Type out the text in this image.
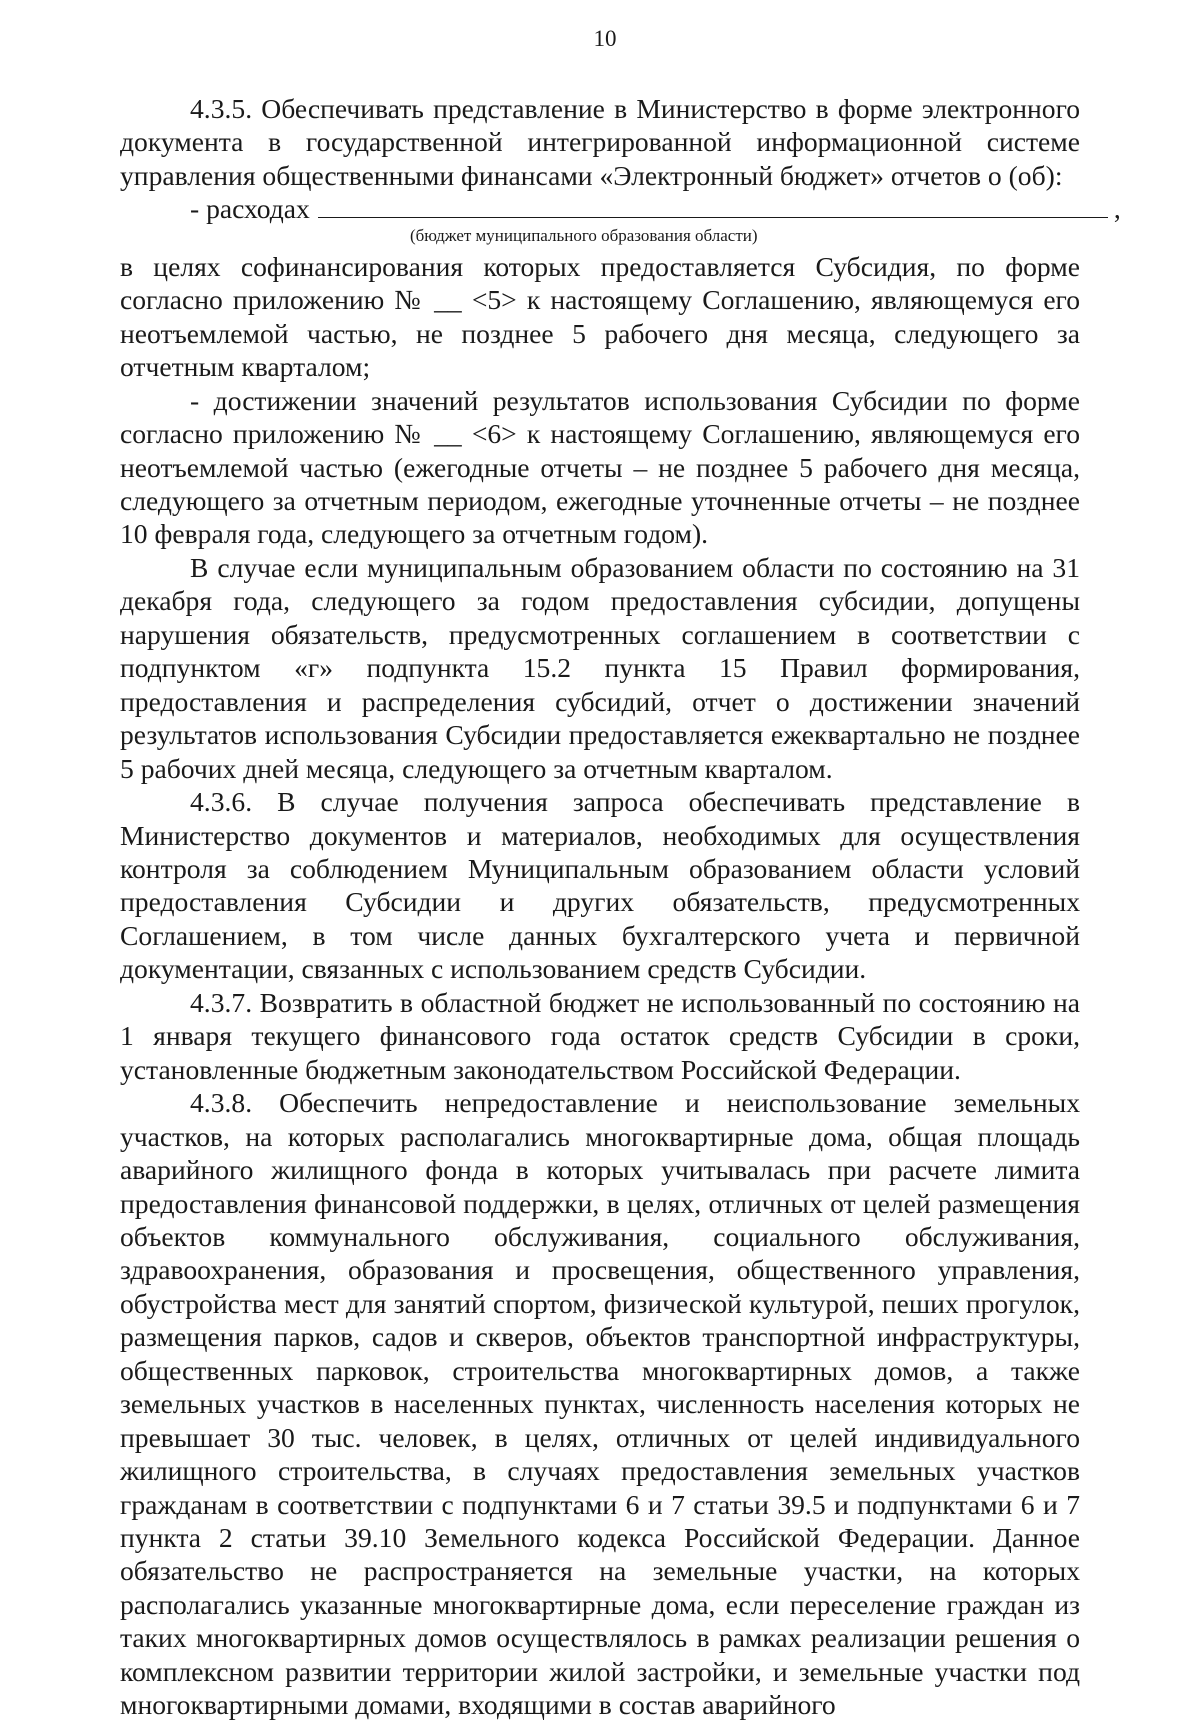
10

4.3.5. Обеспечивать представление в Министерство в форме электронного документа в государственной интегрированной информационной системе управления общественными финансами «Электронный бюджет» отчетов о (об):

- расходах	,
(бюджет муниципального образования области)

в целях софинансирования которых предоставляется Субсидия, по форме согласно приложению № __ <5> к настоящему Соглашению, являющемуся его неотъемлемой частью, не позднее 5 рабочего дня месяца, следующего за отчетным кварталом;

- достижении значений результатов использования Субсидии по форме согласно приложению № __ <6> к настоящему Соглашению, являющемуся его неотъемлемой частью (ежегодные отчеты – не позднее 5 рабочего дня месяца, следующего за отчетным периодом, ежегодные уточненные отчеты – не позднее 10 февраля года, следующего за отчетным годом).

В случае если муниципальным образованием области по состоянию на 31 декабря года, следующего за годом предоставления субсидии, допущены нарушения обязательств, предусмотренных соглашением в соответствии с подпунктом «г» подпункта 15.2 пункта 15 Правил формирования, предоставления и распределения субсидий, отчет о достижении значений результатов использования Субсидии предоставляется ежеквартально не позднее 5 рабочих дней месяца, следующего за отчетным кварталом.

4.3.6. В случае получения запроса обеспечивать представление в Министерство документов и материалов, необходимых для осуществления контроля за соблюдением Муниципальным образованием области условий предоставления Субсидии и других обязательств, предусмотренных Соглашением, в том числе данных бухгалтерского учета и первичной документации, связанных с использованием средств Субсидии.

4.3.7. Возвратить в областной бюджет не использованный по состоянию на 1 января текущего финансового года остаток средств Субсидии в сроки, установленные бюджетным законодательством Российской Федерации.

4.3.8. Обеспечить непредоставление и неиспользование земельных участков, на которых располагались многоквартирные дома, общая площадь аварийного жилищного фонда в которых учитывалась при расчете лимита предоставления финансовой поддержки, в целях, отличных от целей размещения объектов коммунального обслуживания, социального обслуживания, здравоохранения, образования и просвещения, общественного управления, обустройства мест для занятий спортом, физической культурой, пеших прогулок, размещения парков, садов и скверов, объектов транспортной инфраструктуры, общественных парковок, строительства многоквартирных домов, а также земельных участков в населенных пунктах, численность населения которых не превышает 30 тыс. человек, в целях, отличных от целей индивидуального жилищного строительства, в случаях предоставления земельных участков гражданам в соответствии с подпунктами 6 и 7 статьи 39.5 и подпунктами 6 и 7 пункта 2 статьи 39.10 Земельного кодекса Российской Федерации. Данное обязательство не распространяется на земельные участки, на которых располагались указанные многоквартирные дома, если переселение граждан из таких многоквартирных домов осуществлялось в рамках реализации решения о комплексном развитии территории жилой застройки, и земельные участки под многоквартирными домами, входящими в состав аварийного
